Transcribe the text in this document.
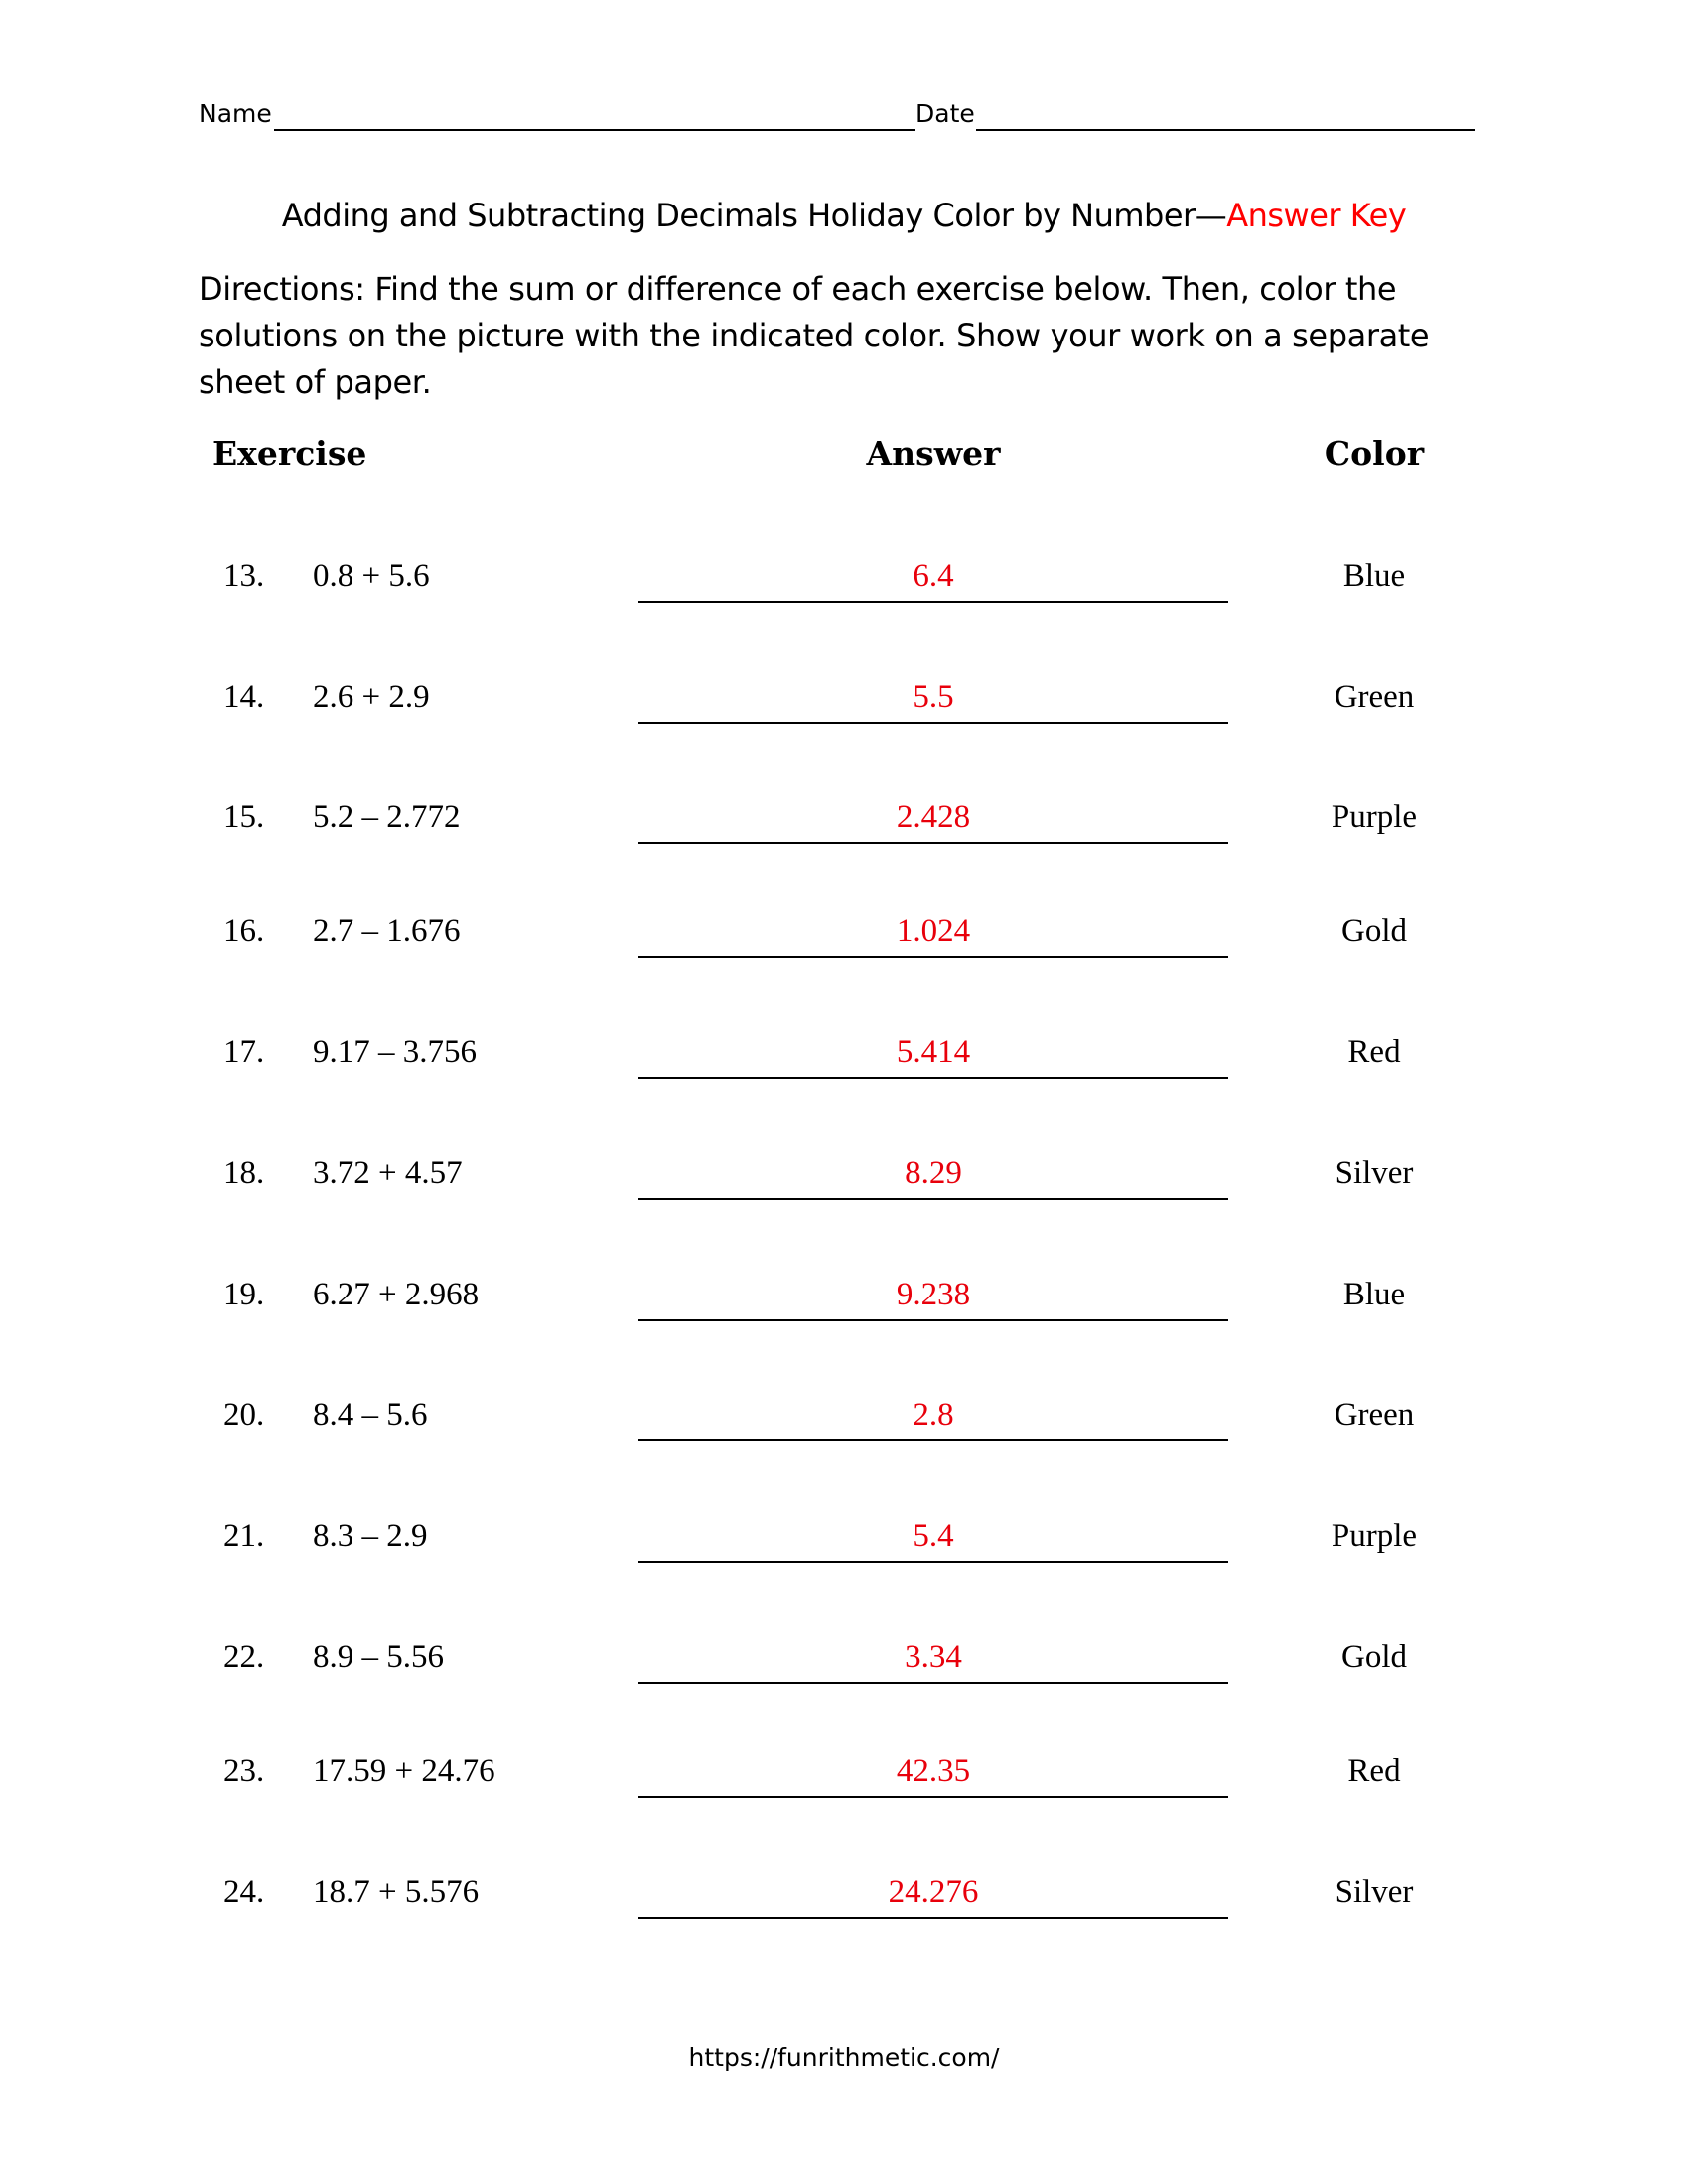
Name	Date
Adding and Subtracting Decimals Holiday Color by Number—Answer Key
Directions: Find the sum or difference of each exercise below. Then, color the solutions on the picture with the indicated color. Show your work on a separate sheet of paper.
Exercise	Answer	Color
13. 0.8 + 5.6	6.4	Blue
14. 2.6 + 2.9	5.5	Green
15. 5.2 – 2.772	2.428	Purple
16. 2.7 – 1.676	1.024	Gold
17. 9.17 – 3.756	5.414	Red
18. 3.72 + 4.57	8.29	Silver
19. 6.27 + 2.968	9.238	Blue
20. 8.4 – 5.6	2.8	Green
21. 8.3 – 2.9	5.4	Purple
22. 8.9 – 5.56	3.34	Gold
23. 17.59 + 24.76	42.35	Red
24. 18.7 + 5.576	24.276	Silver
https://funrithmetic.com/
